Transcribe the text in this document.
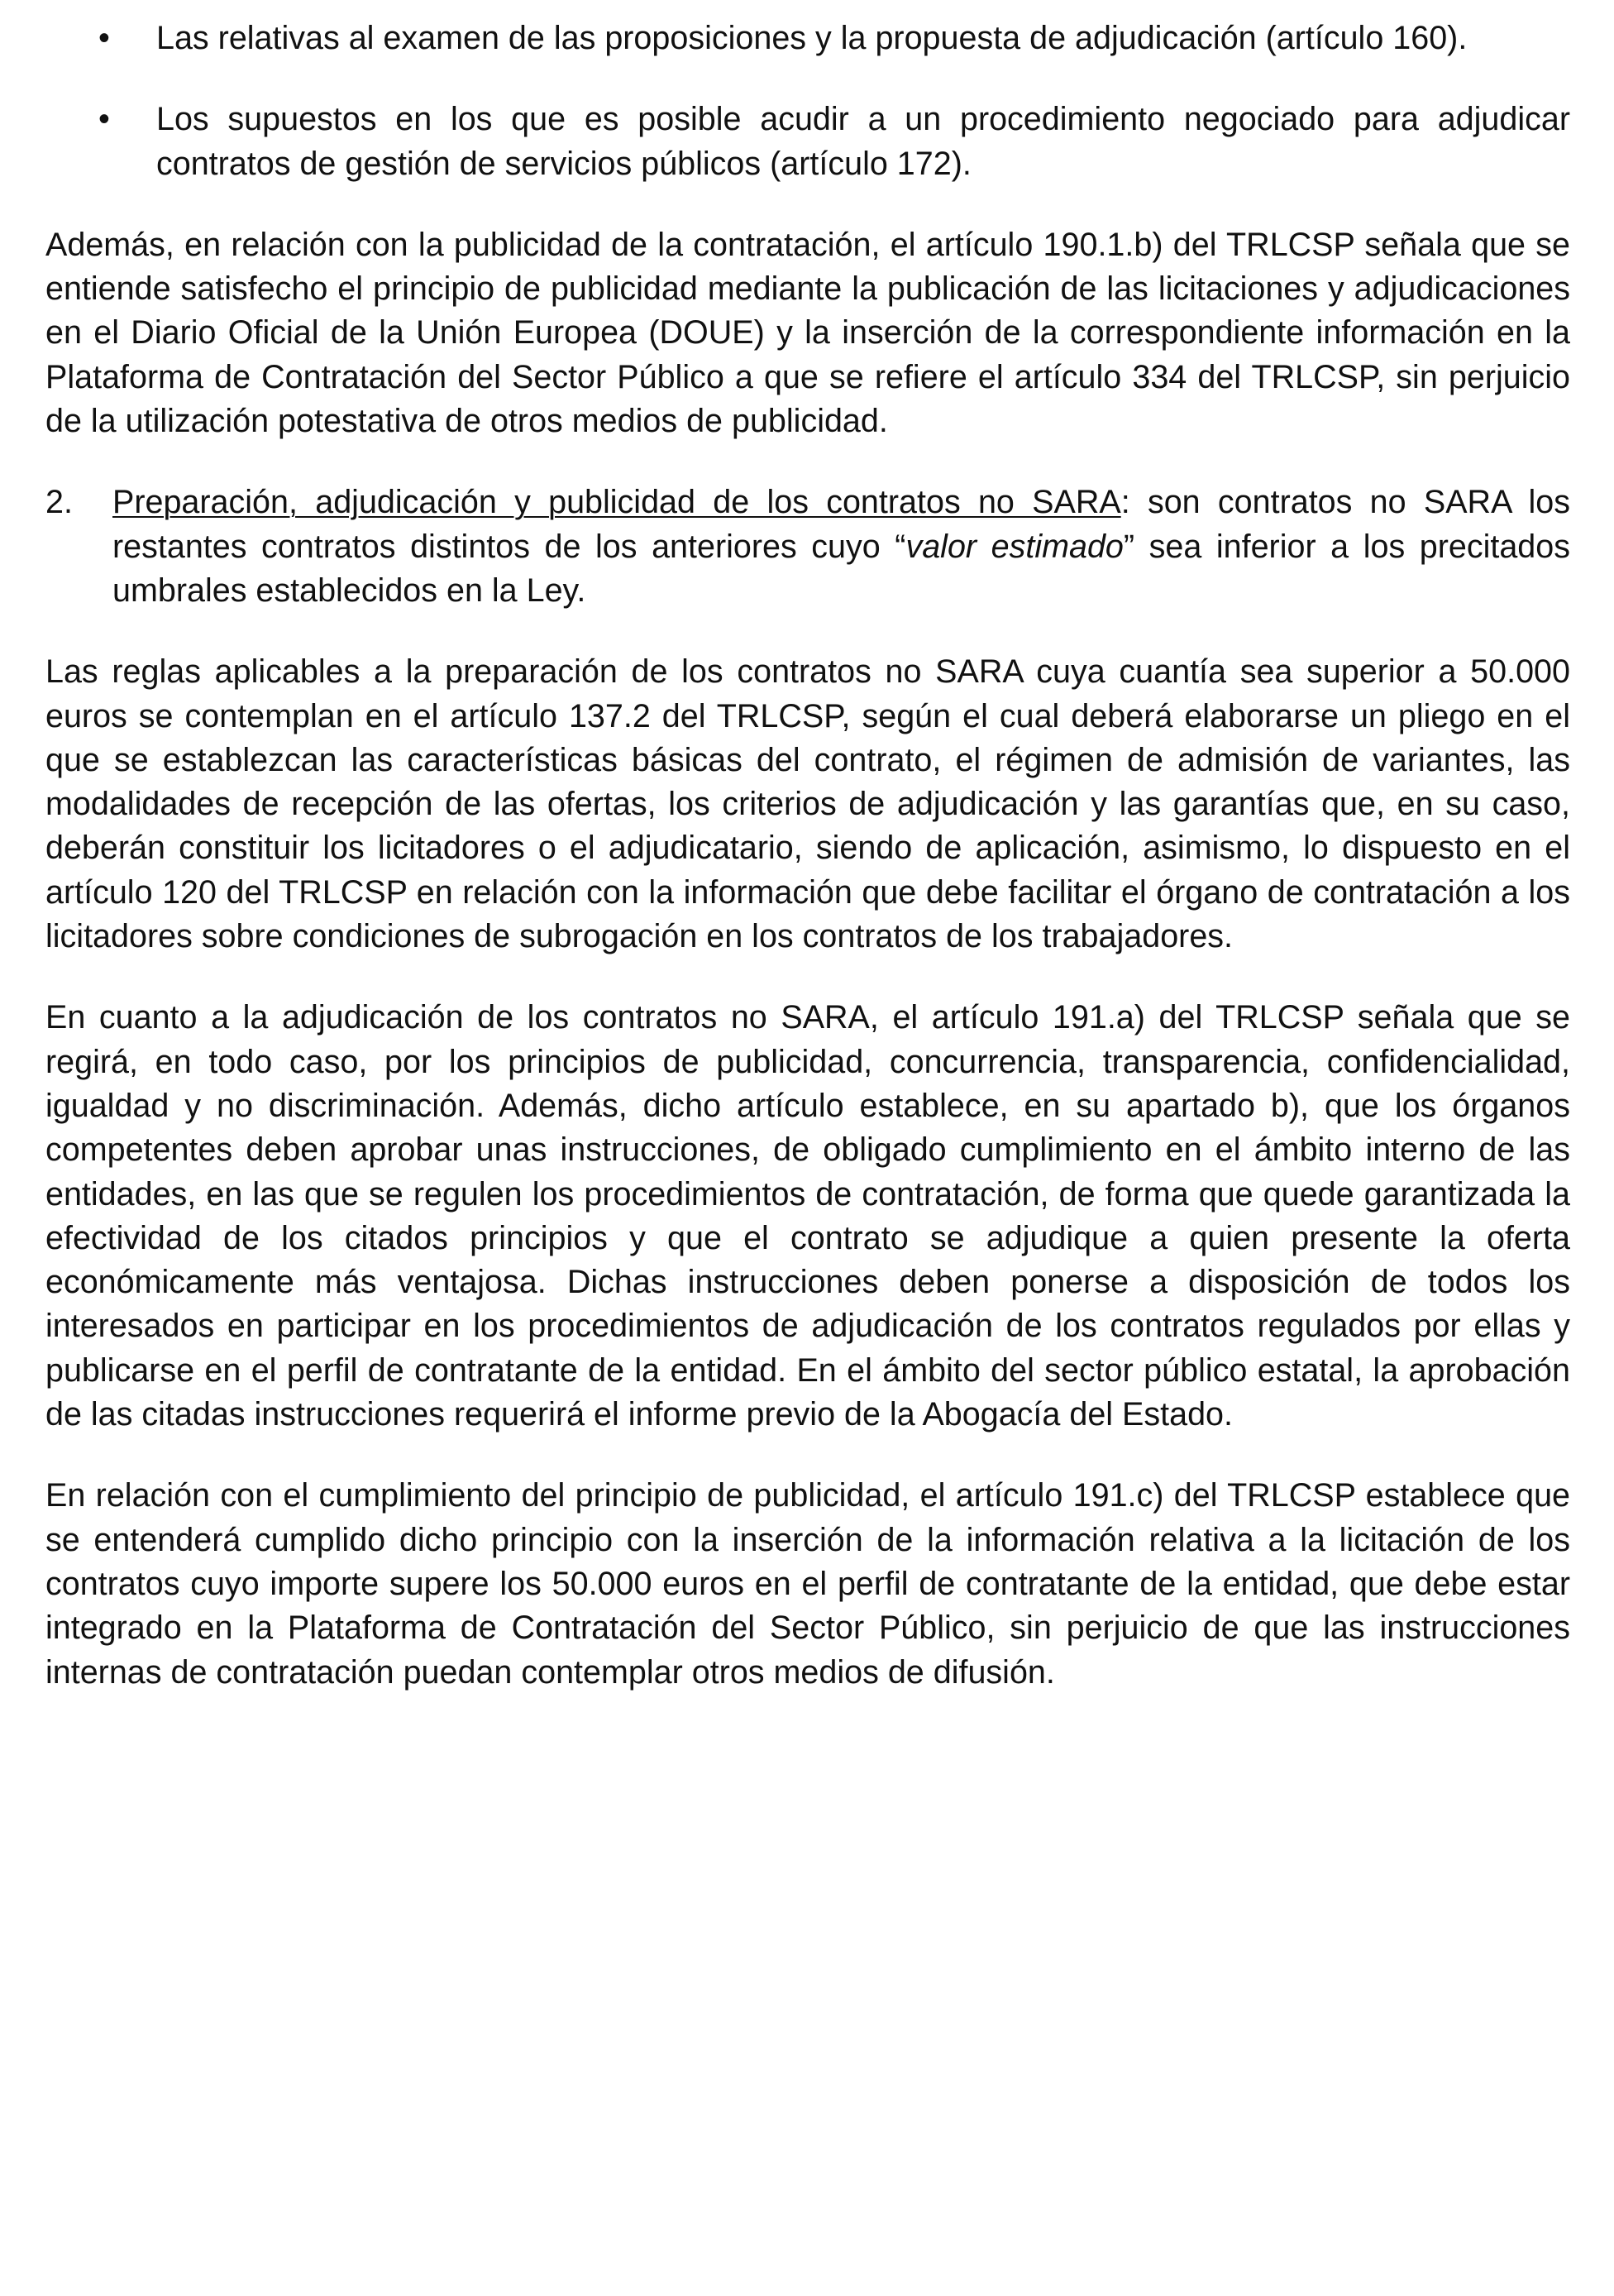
• Las relativas al examen de las proposiciones y la propuesta de adjudicación (artículo 160).

• Los supuestos en los que es posible acudir a un procedimiento negociado para adjudicar contratos de gestión de servicios públicos (artículo 172).

Además, en relación con la publicidad de la contratación, el artículo 190.1.b) del TRLCSP señala que se entiende satisfecho el principio de publicidad mediante la publicación de las licitaciones y adjudicaciones en el Diario Oficial de la Unión Europea (DOUE) y la inserción de la correspondiente información en la Plataforma de Contratación del Sector Público a que se refiere el artículo 334 del TRLCSP, sin perjuicio de la utilización potestativa de otros medios de publicidad.

2. Preparación, adjudicación y publicidad de los contratos no SARA: son contratos no SARA los restantes contratos distintos de los anteriores cuyo “valor estimado” sea inferior a los precitados umbrales establecidos en la Ley.

Las reglas aplicables a la preparación de los contratos no SARA cuya cuantía sea superior a 50.000 euros se contemplan en el artículo 137.2 del TRLCSP, según el cual deberá elaborarse un pliego en el que se establezcan las características básicas del contrato, el régimen de admisión de variantes, las modalidades de recepción de las ofertas, los criterios de adjudicación y las garantías que, en su caso, deberán constituir los licitadores o el adjudicatario, siendo de aplicación, asimismo, lo dispuesto en el artículo 120 del TRLCSP en relación con la información que debe facilitar el órgano de contratación a los licitadores sobre condiciones de subrogación en los contratos de los trabajadores.

En cuanto a la adjudicación de los contratos no SARA, el artículo 191.a) del TRLCSP señala que se regirá, en todo caso, por los principios de publicidad, concurrencia, transparencia, confidencialidad, igualdad y no discriminación. Además, dicho artículo establece, en su apartado b), que los órganos competentes deben aprobar unas instrucciones, de obligado cumplimiento en el ámbito interno de las entidades, en las que se regulen los procedimientos de contratación, de forma que quede garantizada la efectividad de los citados principios y que el contrato se adjudique a quien presente la oferta económicamente más ventajosa. Dichas instrucciones deben ponerse a disposición de todos los interesados en participar en los procedimientos de adjudicación de los contratos regulados por ellas y publicarse en el perfil de contratante de la entidad. En el ámbito del sector público estatal, la aprobación de las citadas instrucciones requerirá el informe previo de la Abogacía del Estado.

En relación con el cumplimiento del principio de publicidad, el artículo 191.c) del TRLCSP establece que se entenderá cumplido dicho principio con la inserción de la información relativa a la licitación de los contratos cuyo importe supere los 50.000 euros en el perfil de contratante de la entidad, que debe estar integrado en la Plataforma de Contratación del Sector Público, sin perjuicio de que las instrucciones internas de contratación puedan contemplar otros medios de difusión.
